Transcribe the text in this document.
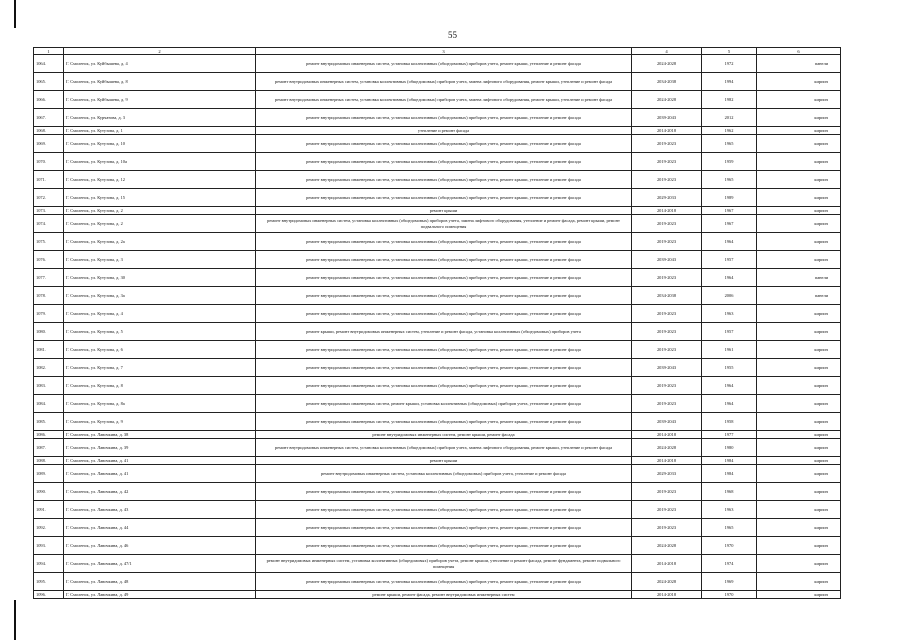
55
1	2	3	4	5	6
1064.	Г. Смоленск, ул. Куйбышева, д. 4	ремонт внутридомовых инженерных систем, установка коллективных (общедомовых) приборов учета, ремонт крыши, утепление и ремонт фасада	2024-2028	1972	панели
1065.	Г. Смоленск, ул. Куйбышева, д. 8	ремонт внутридомовых инженерных систем, установка коллективных (общедомовых) приборов учета, замена лифтового оборудования, ремонт крыши, утепление и ремонт фасада	2034-2038	1994	кирпич
1066.	Г. Смоленск, ул. Куйбышева, д. 9	ремонт внутридомовых инженерных систем, установка коллективных (общедомовых) приборов учета, замена лифтового оборудования, ремонт крыши, утепление и ремонт фасада	2024-2028	1982	кирпич
1067.	Г. Смоленск, ул. Курчатова, д. 3	ремонт внутридомовых инженерных систем, установка коллективных (общедомовых) приборов учета, ремонт крыши, утепление и ремонт фасада	2039-2043	2012	кирпич
1068.	Г. Смоленск, ул. Кутузова, д. 1	утепление и ремонт фасада	2014-2018	1962	кирпич
1069.	Г. Смоленск, ул. Кутузова, д. 10	ремонт внутридомовых инженерных систем, установка коллективных (общедомовых) приборов учета, ремонт крыши, утепление и ремонт фасада	2019-2023	1965	кирпич
1070.	Г. Смоленск, ул. Кутузова, д. 10а	ремонт внутридомовых инженерных систем, установка коллективных (общедомовых) приборов учета, ремонт крыши, утепление и ремонт фасада	2019-2023	1959	кирпич
1071.	Г. Смоленск, ул. Кутузова, д. 12	ремонт внутридомовых инженерных систем, установка коллективных (общедомовых) приборов учета, ремонт крыши, утепление и ремонт фасада	2019-2023	1965	кирпич
1072.	Г. Смоленск, ул. Кутузова, д. 15	ремонт внутридомовых инженерных систем, установка коллективных (общедомовых) приборов учета, ремонт крыши, утепление и ремонт фасада	2029-2033	1989	кирпич
1073.	Г. Смоленск, ул. Кутузова, д. 2	ремонт крыши	2014-2018	1967	кирпич
1074.	Г. Смоленск, ул. Кутузова, д. 2	ремонт внутридомовых инженерных систем, установка коллективных (общедомовых) приборов учета, замена лифтового оборудования, утепление и ремонт фасада, ремонт крыши, ремонт подвального помещения	2019-2023	1967	кирпич
1075.	Г. Смоленск, ул. Кутузова, д. 2а	ремонт внутридомовых инженерных систем, установка коллективных (общедомовых) приборов учета, ремонт крыши, утепление и ремонт фасада	2019-2023	1964	кирпич
1076.	Г. Смоленск, ул. Кутузова, д. 3	ремонт внутридомовых инженерных систем, установка коллективных (общедомовых) приборов учета, ремонт крыши, утепление и ремонт фасада	2039-2043	1957	кирпич
1077.	Г. Смоленск, ул. Кутузова, д. 30	ремонт внутридомовых инженерных систем, установка коллективных (общедомовых) приборов учета, ремонт крыши, утепление и ремонт фасада	2019-2023	1964	панели
1078.	Г. Смоленск, ул. Кутузова, д. 3а	ремонт внутридомовых инженерных систем, установка коллективных (общедомовых) приборов учета, ремонт крыши, утепление и ремонт фасада	2034-2038	2006	панели
1079.	Г. Смоленск, ул. Кутузова, д. 4	ремонт внутридомовых инженерных систем, установка коллективных (общедомовых) приборов учета, ремонт крыши, утепление и ремонт фасада	2019-2023	1963	кирпич
1080.	Г. Смоленск, ул. Кутузова, д. 5	ремонт крыши, ремонт внутридомовых инженерных систем, утепление и ремонт фасада, установка коллективных (общедомовых) приборов учета	2019-2023	1957	кирпич
1081.	Г. Смоленск, ул. Кутузова, д. 6	ремонт внутридомовых инженерных систем, установка коллективных (общедомовых) приборов учета, ремонт крыши, утепление и ремонт фасада	2019-2023	1961	кирпич
1082.	Г. Смоленск, ул. Кутузова, д. 7	ремонт внутридомовых инженерных систем, установка коллективных (общедомовых) приборов учета, ремонт крыши, утепление и ремонт фасада	2039-2043	1955	кирпич
1083.	Г. Смоленск, ул. Кутузова, д. 8	ремонт внутридомовых инженерных систем, установка коллективных (общедомовых) приборов учета, ремонт крыши, утепление и ремонт фасада	2019-2023	1964	кирпич
1084.	Г. Смоленск, ул. Кутузова, д. 8а	ремонт внутридомовых инженерных систем, ремонт крыши, установка коллективных (общедомовых) приборов учета, утепление и ремонт фасада	2019-2023	1964	кирпич
1085.	Г. Смоленск, ул. Кутузова, д. 9	ремонт внутридомовых инженерных систем, установка коллективных (общедомовых) приборов учета, ремонт крыши, утепление и ремонт фасада	2039-2043	1958	кирпич
1086.	Г. Смоленск, ул. Лавочкина, д. 38	ремонт внутридомовых инженерных систем, ремонт крыши, ремонт фасада	2014-2018	1977	кирпич
1087.	Г. Смоленск, ул. Лавочкина, д. 39	ремонт внутридомовых инженерных систем, установка коллективных (общедомовых) приборов учета, замена лифтового оборудования, ремонт крыши, утепление и ремонт фасада	2024-2028	1980	кирпич
1088.	Г. Смоленск, ул. Лавочкина, д. 41	ремонт крыши	2014-2018	1984	кирпич
1089.	Г. Смоленск, ул. Лавочкина, д. 41	ремонт внутридомовых инженерных систем, установка коллективных (общедомовых) приборов учета, утепление и ремонт фасада	2029-2033	1984	кирпич
1090.	Г. Смоленск, ул. Лавочкина, д. 42	ремонт внутридомовых инженерных систем, установка коллективных (общедомовых) приборов учета, ремонт крыши, утепление и ремонт фасада	2019-2023	1968	кирпич
1091.	Г. Смоленск, ул. Лавочкина, д. 43	ремонт внутридомовых инженерных систем, установка коллективных (общедомовых) приборов учета, ремонт крыши, утепление и ремонт фасада	2019-2023	1963	кирпич
1092.	Г. Смоленск, ул. Лавочкина, д. 44	ремонт внутридомовых инженерных систем, установка коллективных (общедомовых) приборов учета, ремонт крыши, утепление и ремонт фасада	2019-2023	1965	кирпич
1093.	Г. Смоленск, ул. Лавочкина, д. 46	ремонт внутридомовых инженерных систем, установка коллективных (общедомовых) приборов учета, ремонт крыши, утепление и ремонт фасада	2024-2028	1970	кирпич
1094.	Г. Смоленск, ул. Лавочкина, д. 47/1	ремонт внутридомовых инженерных систем, установка коллективных (общедомовых) приборов учета, ремонт крыши, утепление и ремонт фасада, ремонт фундамента, ремонт подвального помещения	2014-2018	1974	кирпич
1095.	Г. Смоленск, ул. Лавочкина, д. 48	ремонт внутридомовых инженерных систем, установка коллективных (общедомовых) приборов учета, ремонт крыши, утепление и ремонт фасада	2024-2028	1969	кирпич
1096.	Г. Смоленск, ул. Лавочкина, д. 49	ремонт крыши, ремонт фасада, ремонт внутридомовых инженерных систем	2014-2018	1970	кирпич
